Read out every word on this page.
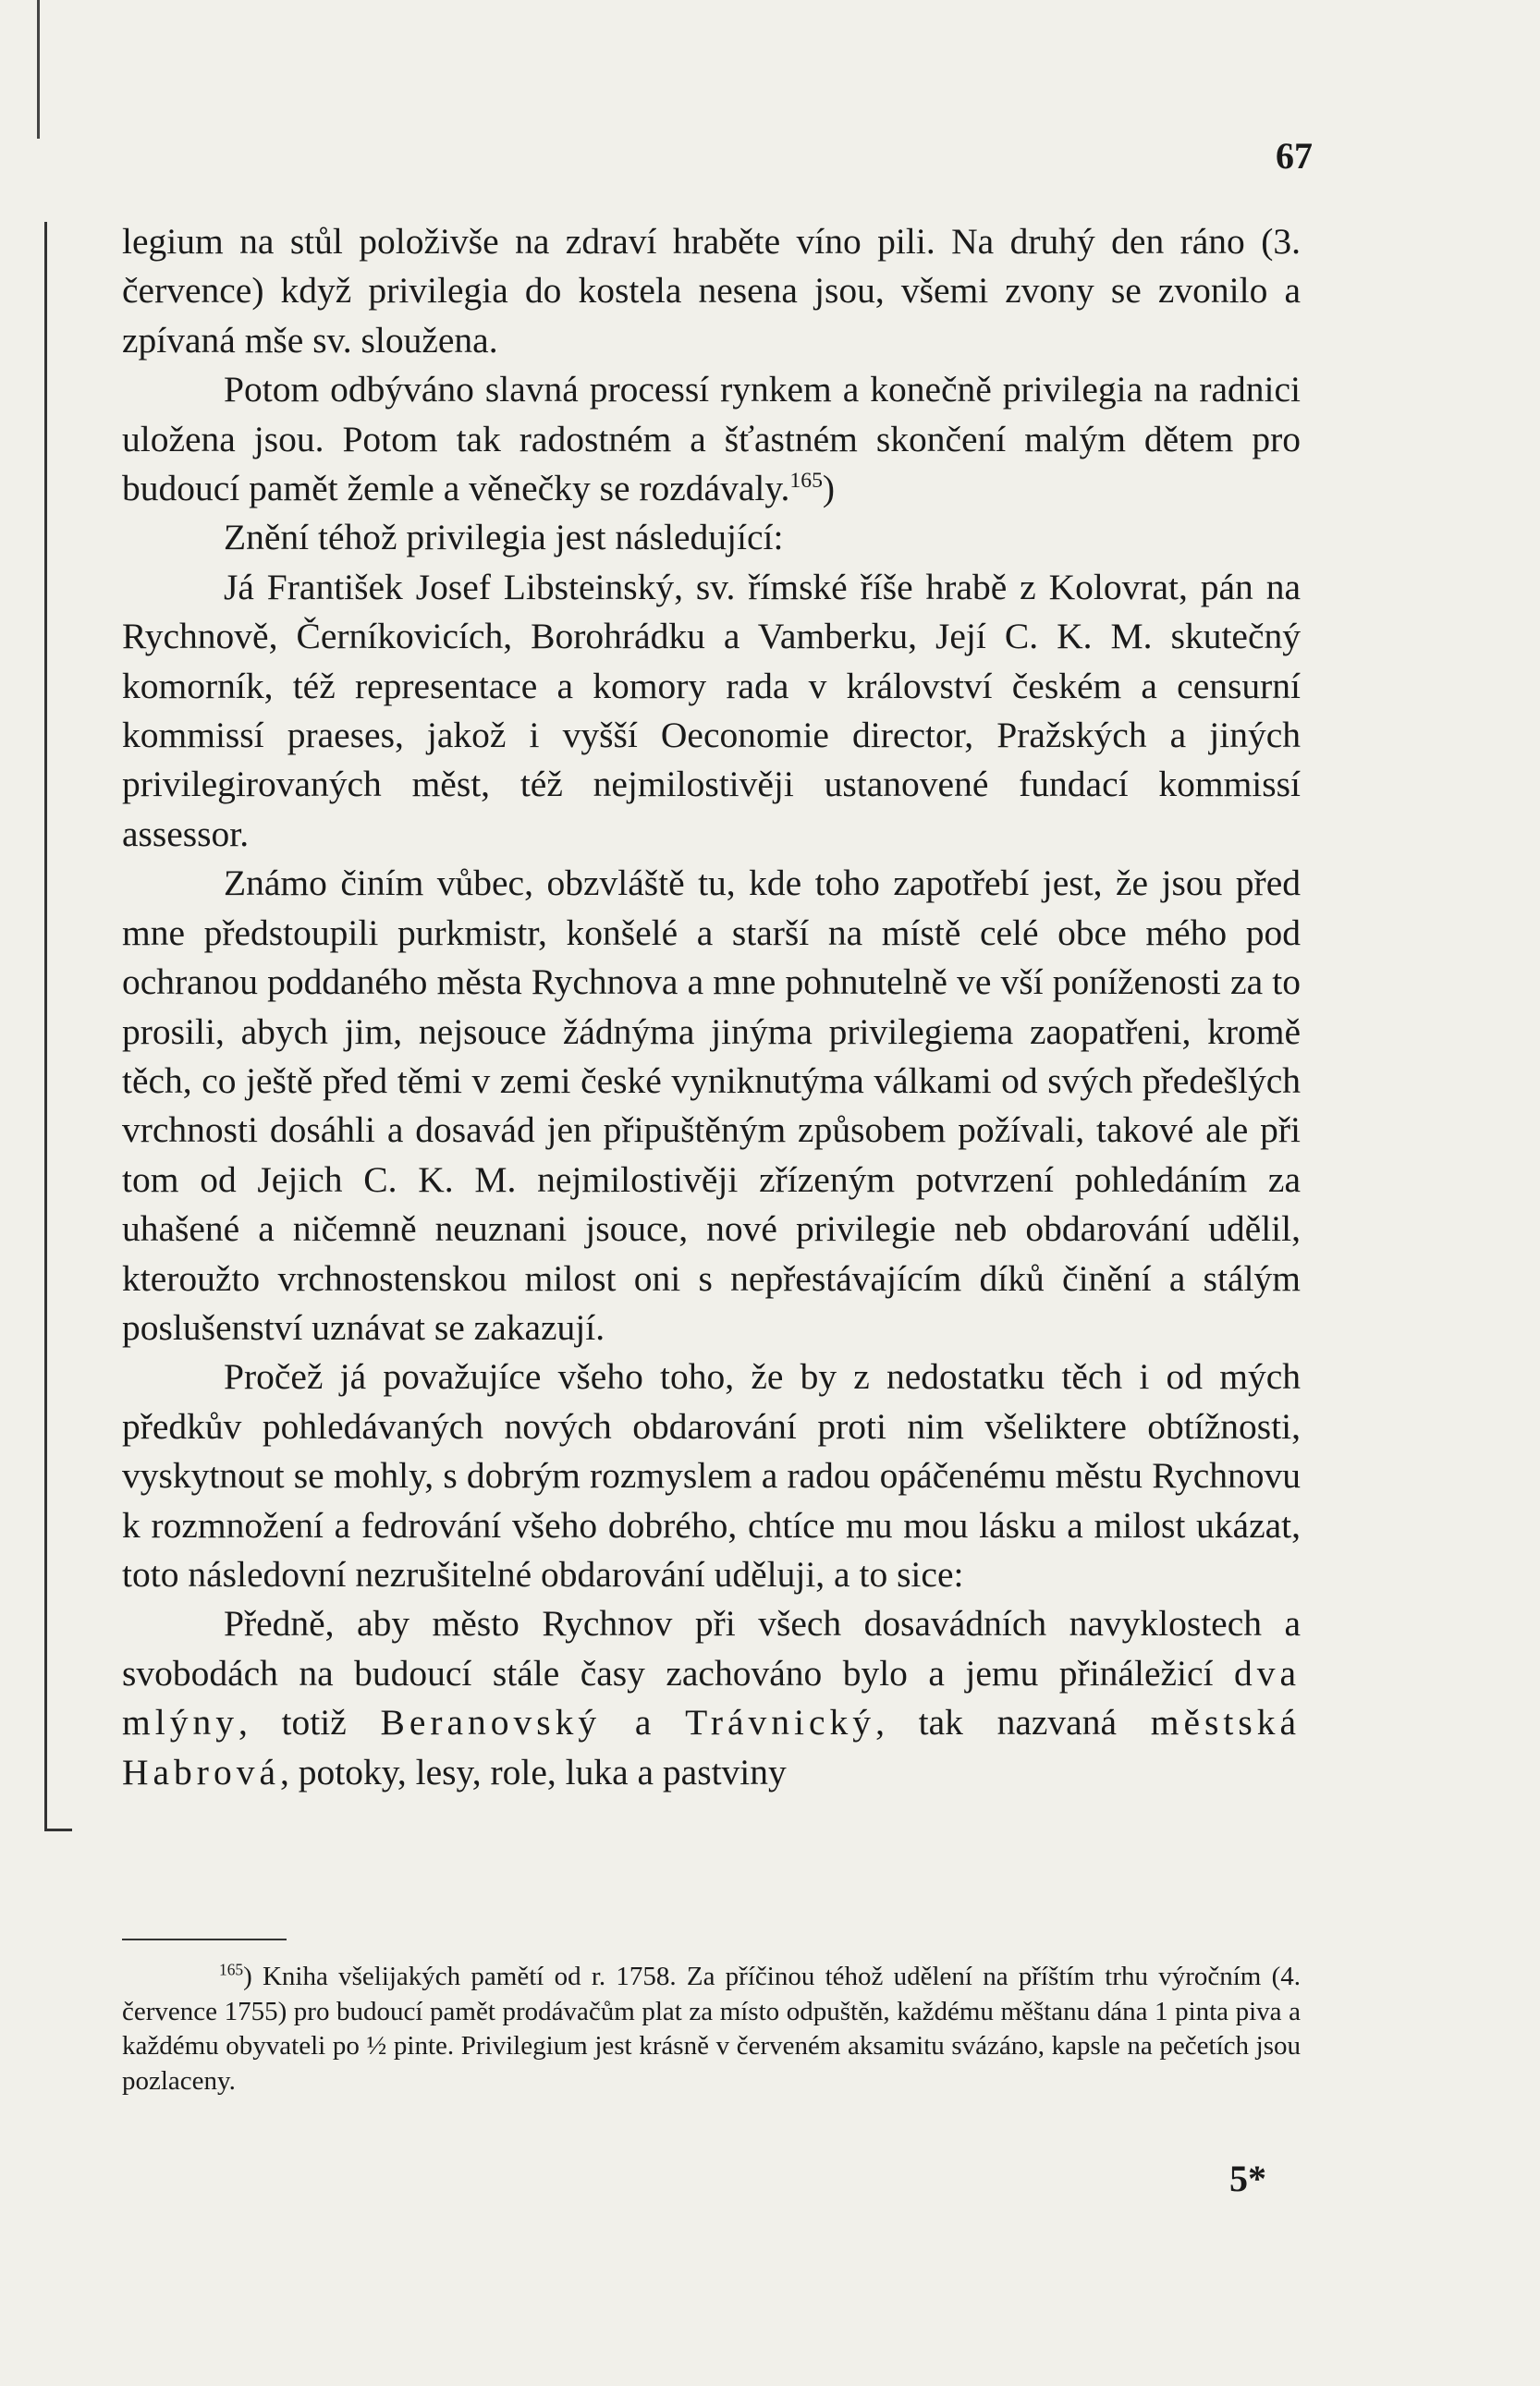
67

legium na stůl položivše na zdraví hraběte víno pili. Na druhý den ráno (3. července) když privilegia do kostela nesena jsou, všemi zvony se zvonilo a zpívaná mše sv. sloužena.

Potom odbýváno slavná processí rynkem a konečně privilegia na radnici uložena jsou. Potom tak radostném a šťastném skončení malým dětem pro budoucí pamět žemle a věnečky se rozdávaly.$^{165}$)

Znění téhož privilegia jest následující:

Já František Josef Libsteinský, sv. římské říše hrabě z Kolovrat, pán na Rychnově, Černíkovicích, Borohrádku a Vamberku, Její C. K. M. skutečný komorník, též representace a komory rada v království českém a censurní kommissí praeses, jakož i vyšší Oeconomie director, Pražských a jiných privilegirovaných měst, též nejmilostivěji ustanovené fundací kommissí assessor.

Známo činím vůbec, obzvláště tu, kde toho zapotřebí jest, že jsou před mne předstoupili purkmistr, konšelé a starší na místě celé obce mého pod ochranou poddaného města Rychnova a mne pohnutelně ve vší poníženosti za to prosili, abych jim, nejsouce žádnýma jinýma privilegiema zaopatřeni, kromě těch, co ještě před těmi v zemi české vyniknutýma válkami od svých předešlých vrchnosti dosáhli a dosavád jen připuštěným způsobem požívali, takové ale při tom od Jejich C. K. M. nejmilostivěji zřízeným potvrzení pohledáním za uhašené a ničemně neuznani jsouce, nové privilegie neb obdarování udělil, kteroužto vrchnostenskou milost oni s nepřestávajícím díků činění a stálým poslušenství uznávat se zakazují.

Pročež já považujíce všeho toho, že by z nedostatku těch i od mých předkův pohledávaných nových obdarování proti nim všeliktere obtížnosti, vyskytnout se mohly, s dobrým rozmyslem a radou opáčenému městu Rychnovu k rozmnožení a fedrování všeho dobrého, chtíce mu mou lásku a milost ukázat, toto následovní nezrušitelné obdarování uděluji, a to sice:

Předně, aby město Rychnov při všech dosavádních navyklostech a svobodách na budoucí stále časy zachováno bylo a jemu přináležicí dva mlýny, totiž Beranovský a Trávnický, tak nazvaná městská Habrová, potoky, lesy, role, luka a pastviny

$^{165}$) Kniha všelijakých pamětí od r. 1758. Za příčinou téhož udělení na příštím trhu výročním (4. července 1755) pro budoucí pamět prodávačům plat za místo odpuštěn, každému měštanu dána 1 pinta piva a každému obyvateli po ½ pinte. Privilegium jest krásně v červeném aksamitu svázáno, kapsle na pečetích jsou pozlaceny.

5*
